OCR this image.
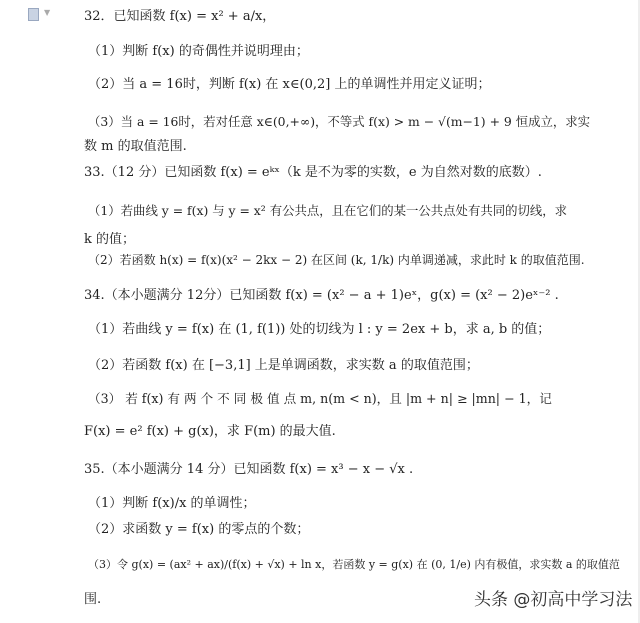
▼	32．已知函数 f(x) = x² + a/x，
（1）判断 f(x) 的奇偶性并说明理由；
（2）当 a = 16时，判断 f(x) 在 x∈(0,2] 上的单调性并用定义证明；
（3）当 a = 16时，若对任意 x∈(0,+∞)，不等式 f(x) > m − √(m−1) + 9 恒成立，求实
数 m 的取值范围.
33.（12 分）已知函数 f(x) = eᵏˣ（k 是不为零的实数，e 为自然对数的底数）.
（1）若曲线 y = f(x) 与 y = x² 有公共点，且在它们的某一公共点处有共同的切线，求
k 的值；
（2）若函数 h(x) = f(x)(x² − 2kx − 2) 在区间 (k, 1/k) 内单调递减，求此时 k 的取值范围.
34.（本小题满分 12分）已知函数 f(x) = (x² − a + 1)eˣ，g(x) = (x² − 2)eˣ⁻² .
（1）若曲线 y = f(x) 在 (1, f(1)) 处的切线为 l : y = 2ex + b，求 a, b 的值；
（2）若函数 f(x) 在 [−3,1] 上是单调函数，求实数 a 的取值范围；
（3） 若 f(x) 有 两 个 不 同 极 值 点 m, n(m < n)，且 |m + n| ≥ |mn| − 1，记
F(x) = e² f(x) + g(x)，求 F(m) 的最大值.
35.（本小题满分 14 分）已知函数 f(x) = x³ − x − √x .
（1）判断 f(x)/x 的单调性；
（2）求函数 y = f(x) 的零点的个数；
（3）令 g(x) = (ax² + ax)/(f(x) + √x) + ln x，若函数 y = g(x) 在 (0, 1/e) 内有极值，求实数 a 的取值范
围.	头条 @初高中学习法
